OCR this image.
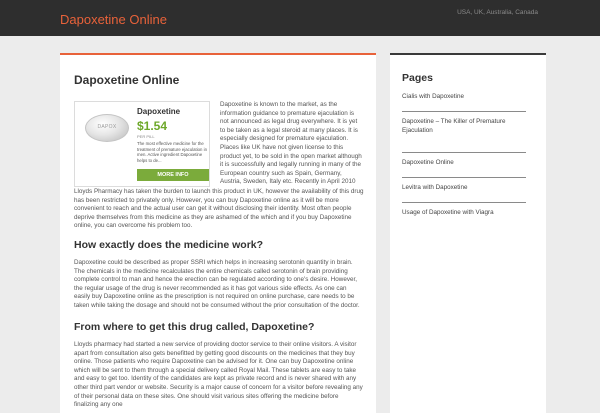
Dapoxetine Online	USA, UK, Australia, Canada
Dapoxetine Online
DAPOX
Dapoxetine
$1.54
PER PILL
The most effective medicine for the treatment of premature ejaculation in men. Active ingredient Dapoxetine helps to de...
MORE INFO
Dapoxetine is known to the market, as the information guidance to premature ejaculation is not announced as legal drug everywhere. It is yet to be taken as a legal steroid at many places. It is especially designed for premature ejaculation. Places like UK have not given license to this product yet, to be sold in the open market although it is successfully and legally running in many of the European country such as Spain, Germany, Austria, Sweden, Italy etc. Recently in April 2010
Lloyds Pharmacy has taken the burden to launch this product in UK, however the availability of this drug has been restricted to privately only. However, you can buy Dapoxetine online as it will be more convenient to reach and the actual user can get it without disclosing their identity. Most often people deprive themselves from this medicine as they are ashamed of the which and if you buy Dapoxetine online, you can overcome his problem too.
How exactly does the medicine work?
Dapoxetine could be described as proper SSRI which helps in increasing serotonin quantity in brain. The chemicals in the medicine recalculates the entire chemicals called serotonin of brain providing complete control to man and hence the erection can be regulated according to one's desire. However, the regular usage of the drug is never recommended as it has got various side effects. As one can easily buy Dapoxetine online as the prescription is not required on online purchase, care needs to be taken while taking the dosage and should not be consumed without the prior consultation of the doctor.
From where to get this drug called, Dapoxetine?
Lloyds pharmacy had started a new service of providing doctor service to their online visitors. A visitor apart from consultation also gets benefitted by getting good discounts on the medicines that they buy online. Those patients who require Dapoxetine can be advised for it. One can buy Dapoxetine online which will be sent to them through a special delivery called Royal Mail. These tablets are easy to take and easy to get too. Identity of the candidates are kept as private record and is never shared with any other third part vendor or website. Security is a major cause of concern for a visitor before revealing any of their personal data on these sites. One should visit various sites offering the medicine before finalizing any one
Pages
Cialis with Dapoxetine
Dapoxetine – The Killer of Premature Ejaculation
Dapoxetine Online
Levitra with Dapoxetine
Usage of Dapoxetine with Viagra
